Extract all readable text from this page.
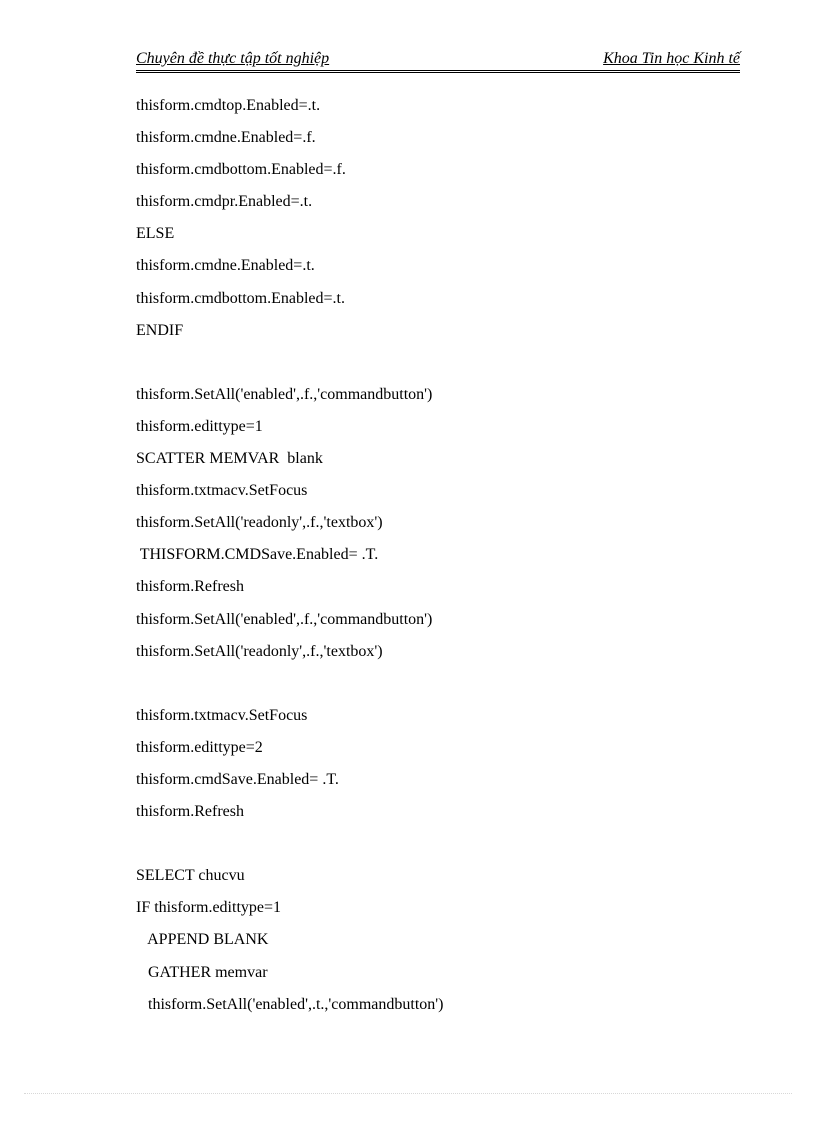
Chuyên đề thực tập tốt nghiệp	Khoa Tin học Kinh tế
thisform.cmdtop.Enabled=.t.
thisform.cmdne.Enabled=.f.
thisform.cmdbottom.Enabled=.f.
thisform.cmdpr.Enabled=.t.
ELSE
thisform.cmdne.Enabled=.t.
thisform.cmdbottom.Enabled=.t.
ENDIF
thisform.SetAll('enabled',.f.,'commandbutton')
thisform.edittype=1
SCATTER MEMVAR  blank
thisform.txtmacv.SetFocus
thisform.SetAll('readonly',.f.,'textbox')
THISFORM.CMDSave.Enabled= .T.
thisform.Refresh
thisform.SetAll('enabled',.f.,'commandbutton')
thisform.SetAll('readonly',.f.,'textbox')
thisform.txtmacv.SetFocus
thisform.edittype=2
thisform.cmdSave.Enabled= .T.
thisform.Refresh
SELECT chucvu
IF thisform.edittype=1
APPEND BLANK
GATHER memvar
thisform.SetAll('enabled',.t.,'commandbutton')
